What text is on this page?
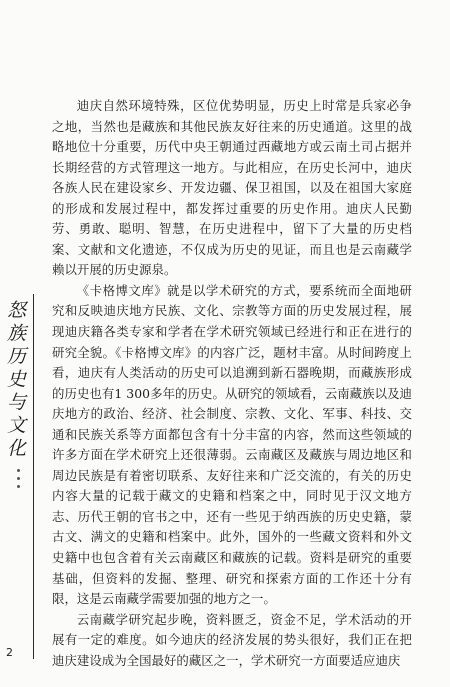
怒族历史与文化

迪庆自然环境特殊，区位优势明显，历史上时常是兵家必争之地，当然也是藏族和其他民族友好往来的历史通道。这里的战略地位十分重要，历代中央王朝通过西藏地方或云南土司占据并长期经营的方式管理这一地方。与此相应，在历史长河中，迪庆各族人民在建设家乡、开发边疆、保卫祖国，以及在祖国大家庭的形成和发展过程中，都发挥过重要的历史作用。迪庆人民勤劳、勇敢、聪明、智慧，在历史进程中，留下了大量的历史档案、文献和文化遗迹，不仅成为历史的见证，而且也是云南藏学赖以开展的历史源泉。

《卡格博文库》就是以学术研究的方式，要系统而全面地研究和反映迪庆地方民族、文化、宗教等方面的历史发展过程，展现迪庆籍各类专家和学者在学术研究领域已经进行和正在进行的研究全貌。《卡格博文库》的内容广泛，题材丰富。从时间跨度上看，迪庆有人类活动的历史可以追溯到新石器晚期，而藏族形成的历史也有1 300多年的历史。从研究的领域看，云南藏族以及迪庆地方的政治、经济、社会制度、宗教、文化、军事、科技、交通和民族关系等方面都包含有十分丰富的内容，然而这些领域的许多方面在学术研究上还很薄弱。云南藏区及藏族与周边地区和周边民族是有着密切联系、友好往来和广泛交流的，有关的历史内容大量的记载于藏文的史籍和档案之中，同时见于汉文地方志、历代王朝的官书之中，还有一些见于纳西族的历史史籍，蒙古文、满文的史籍和档案中。此外，国外的一些藏文资料和外文史籍中也包含着有关云南藏区和藏族的记载。资料是研究的重要基础，但资料的发掘、整理、研究和探索方面的工作还十分有限，这是云南藏学需要加强的地方之一。

云南藏学研究起步晚，资料匮乏，资金不足，学术活动的开展有一定的难度。如今迪庆的经济发展的势头很好，我们正在把迪庆建设成为全国最好的藏区之一，学术研究一方面要适应迪庆

2
